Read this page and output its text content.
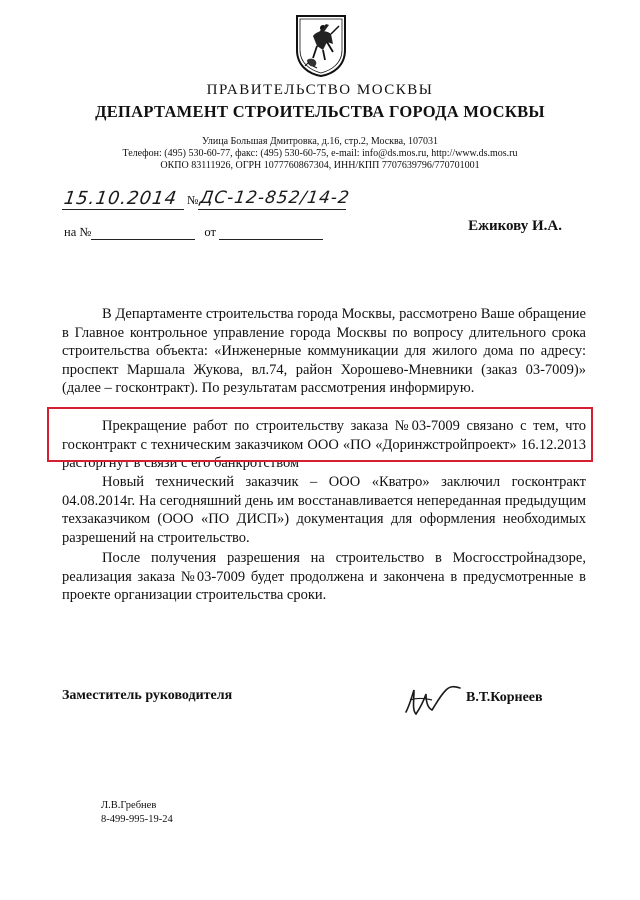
ПРАВИТЕЛЬСТВО МОСКВЫ
ДЕПАРТАМЕНТ СТРОИТЕЛЬСТВА ГОРОДА МОСКВЫ
Улица Большая Дмитровка, д.16, стр.2, Москва, 107031
Телефон: (495) 530-60-77, факс: (495) 530-60-75, e-mail: info@ds.mos.ru, http://www.ds.mos.ru
ОКПО 83111926, ОГРН 1077760867304, ИНН/КПП 7707639796/770701001
15.10.2014 № ДС-12-852/14-2
на №	от	Ежикову И.А.

В Департаменте строительства города Москвы, рассмотрено Ваше обращение в Главное контрольное управление города Москвы по вопросу длительного срока строительства объекта: «Инженерные коммуникации для жилого дома по адресу: проспект Маршала Жукова, вл.74, район Хорошево-Мневники (заказ 03-7009)» (далее – госконтракт). По результатам рассмотрения информирую.

Прекращение работ по строительству заказа №03-7009 связано с тем, что госконтракт с техническим заказчиком ООО «ПО «Доринжстройпроект» 16.12.2013 расторгнут в связи с его банкротством

Новый технический заказчик – ООО «Кватро» заключил госконтракт 04.08.2014г. На сегодняшний день им восстанавливается непереданная предыдущим техзаказчиком (ООО «ПО ДИСП») документация для оформления необходимых разрешений на строительство.

После получения разрешения на строительство в Мосгосстройнадзоре, реализация заказа №03-7009 будет продолжена и закончена в предусмотренные в проекте организации строительства сроки.

Заместитель руководителя	В.Т.Корнеев
Л.В.Гребнев
8-499-995-19-24
